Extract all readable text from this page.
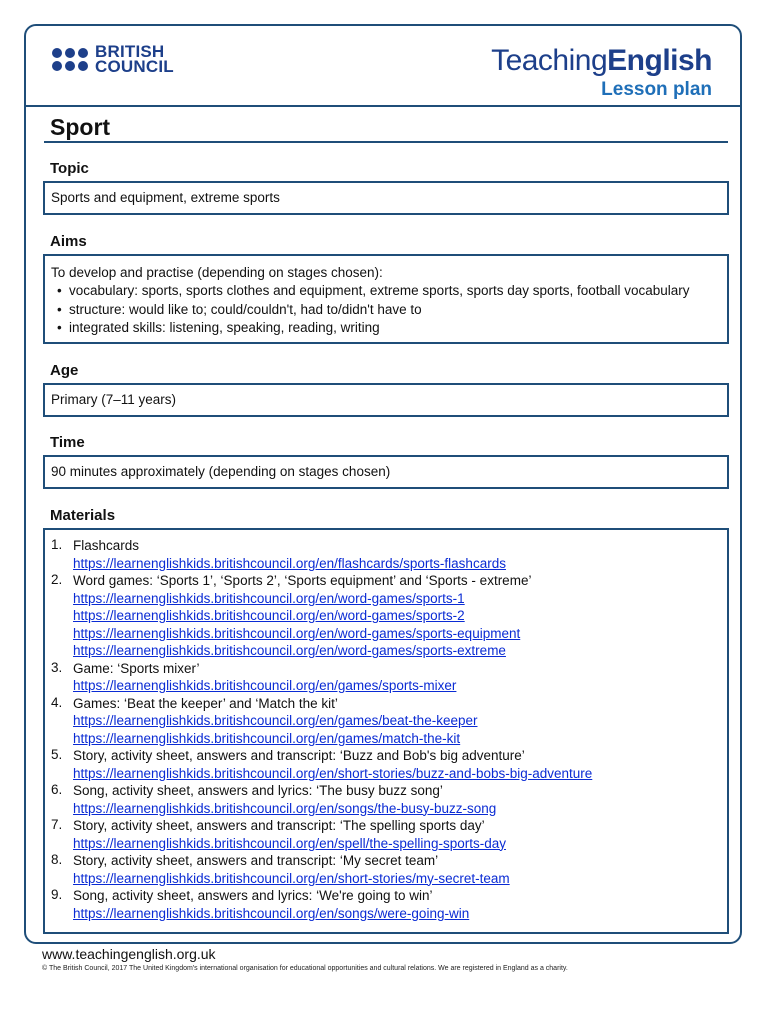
BRITISH
COUNCIL	TeachingEnglish
Lesson plan
Sport
Topic
Sports and equipment, extreme sports
Aims
To develop and practise (depending on stages chosen):
• vocabulary: sports, sports clothes and equipment, extreme sports, sports day sports, football vocabulary
• structure: would like to; could/couldn't, had to/didn't have to
• integrated skills: listening, speaking, reading, writing
Age
Primary (7–11 years)
Time
90 minutes approximately (depending on stages chosen)
Materials
1. Flashcards
https://learnenglishkids.britishcouncil.org/en/flashcards/sports-flashcards
2. Word games: ‘Sports 1’, ‘Sports 2’, ‘Sports equipment’ and ‘Sports - extreme’
https://learnenglishkids.britishcouncil.org/en/word-games/sports-1
https://learnenglishkids.britishcouncil.org/en/word-games/sports-2
https://learnenglishkids.britishcouncil.org/en/word-games/sports-equipment
https://learnenglishkids.britishcouncil.org/en/word-games/sports-extreme
3. Game: ‘Sports mixer’
https://learnenglishkids.britishcouncil.org/en/games/sports-mixer
4. Games: ‘Beat the keeper’ and ‘Match the kit’
https://learnenglishkids.britishcouncil.org/en/games/beat-the-keeper
https://learnenglishkids.britishcouncil.org/en/games/match-the-kit
5. Story, activity sheet, answers and transcript: ‘Buzz and Bob's big adventure’
https://learnenglishkids.britishcouncil.org/en/short-stories/buzz-and-bobs-big-adventure
6. Song, activity sheet, answers and lyrics: ‘The busy buzz song’
https://learnenglishkids.britishcouncil.org/en/songs/the-busy-buzz-song
7. Story, activity sheet, answers and transcript: ‘The spelling sports day’
https://learnenglishkids.britishcouncil.org/en/spell/the-spelling-sports-day
8. Story, activity sheet, answers and transcript: ‘My secret team’
https://learnenglishkids.britishcouncil.org/en/short-stories/my-secret-team
9. Song, activity sheet, answers and lyrics: ‘We're going to win’
https://learnenglishkids.britishcouncil.org/en/songs/were-going-win
www.teachingenglish.org.uk
© The British Council, 2017 The United Kingdom's international organisation for educational opportunities and cultural relations. We are registered in England as a charity.
